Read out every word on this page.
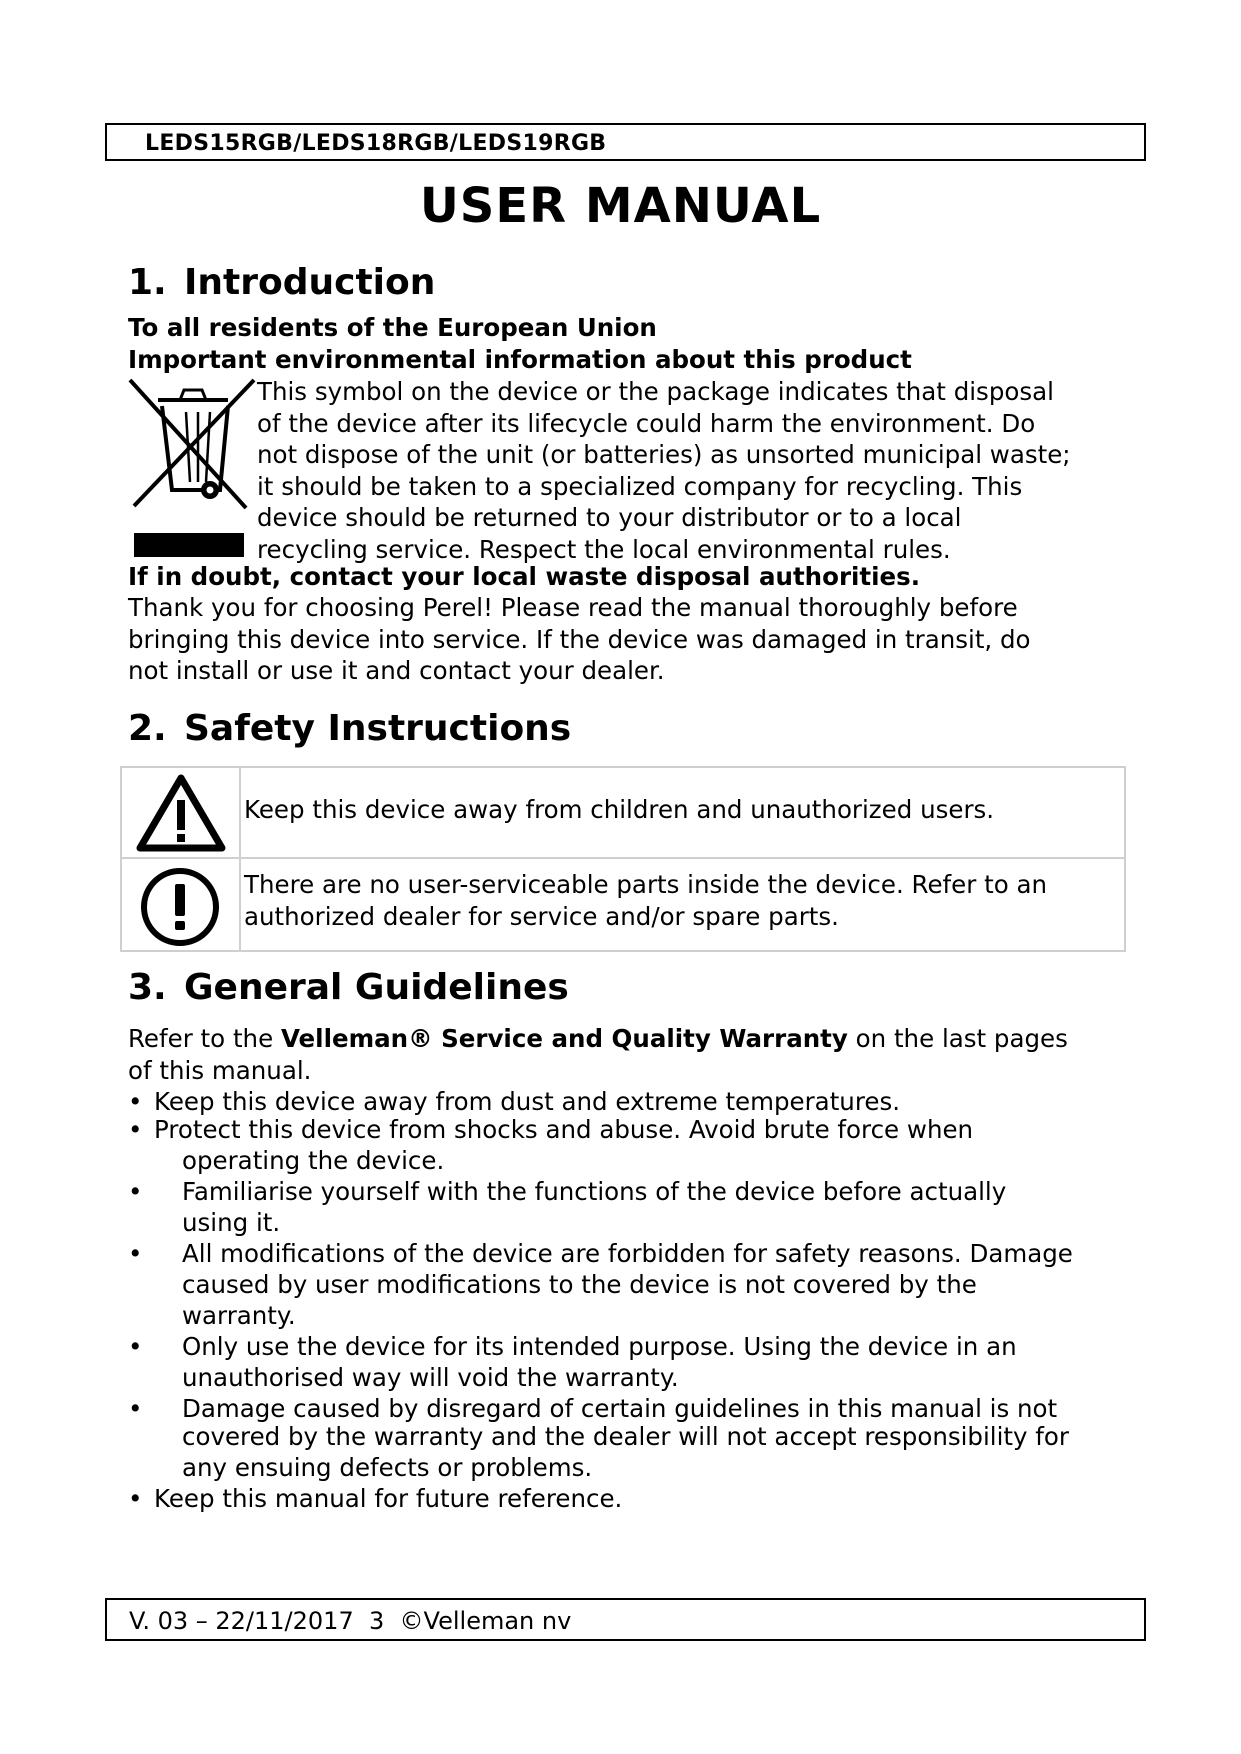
LEDS15RGB/LEDS18RGB/LEDS19RGB
USER MANUAL
1. Introduction
To all residents of the European Union
Important environmental information about this product
This symbol on the device or the package indicates that disposal
of the device after its lifecycle could harm the environment. Do
not dispose of the unit (or batteries) as unsorted municipal waste;
it should be taken to a specialized company for recycling. This
device should be returned to your distributor or to a local
recycling service. Respect the local environmental rules.
If in doubt, contact your local waste disposal authorities.
Thank you for choosing Perel! Please read the manual thoroughly before
bringing this device into service. If the device was damaged in transit, do
not install or use it and contact your dealer.
2. Safety Instructions
Keep this device away from children and unauthorized users.
There are no user-serviceable parts inside the device. Refer to an
authorized dealer for service and/or spare parts.
3. General Guidelines
Refer to the Velleman® Service and Quality Warranty on the last pages
of this manual.
• Keep this device away from dust and extreme temperatures.
• Protect this device from shocks and abuse. Avoid brute force when
operating the device.
• Familiarise yourself with the functions of the device before actually
using it.
• All modifications of the device are forbidden for safety reasons. Damage
caused by user modifications to the device is not covered by the
warranty.
• Only use the device for its intended purpose. Using the device in an
unauthorised way will void the warranty.
• Damage caused by disregard of certain guidelines in this manual is not
covered by the warranty and the dealer will not accept responsibility for
any ensuing defects or problems.
• Keep this manual for future reference.
V. 03 – 22/11/2017 3 ©Velleman nv
